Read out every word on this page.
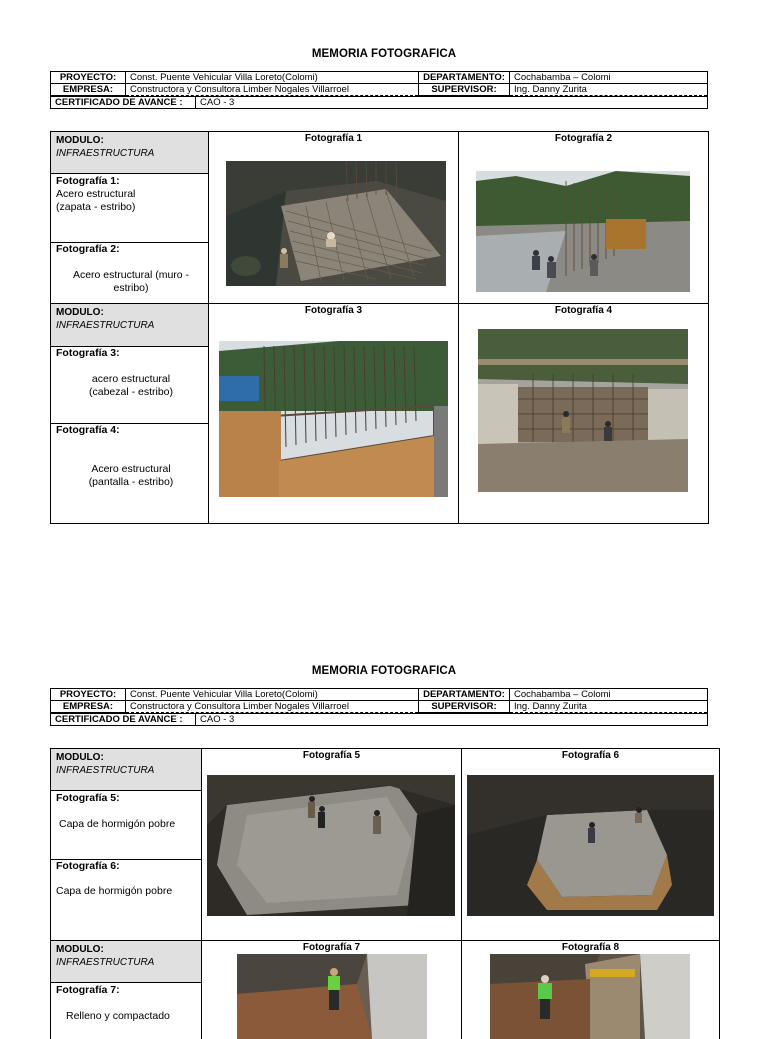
MEMORIA FOTOGRAFICA
PROYECTO:	Const. Puente Vehicular Villa Loreto(Colomi)	DEPARTAMENTO:	Cochabamba – Colomi
EMPRESA:	Constructora y Consultora Limber Nogales Villarroel	SUPERVISOR:	Ing. Danny Zurita
CERTIFICADO DE AVANCE :	CAO - 3
MODULO:
INFRAESTRUCTURA
Fotografía 1:
Acero estructural (zapata - estribo)
Fotografía 2:
Acero estructural (muro - estribo)
Fotografía 1	Fotografía 2
MODULO:
INFRAESTRUCTURA
Fotografía 3:
acero estructural (cabezal - estribo)
Fotografía 4:
Acero estructural (pantalla - estribo)
Fotografía 3	Fotografía 4
MEMORIA FOTOGRAFICA
PROYECTO:	Const. Puente Vehicular Villa Loreto(Colomi)	DEPARTAMENTO:	Cochabamba – Colomi
EMPRESA:	Constructora y Consultora Limber Nogales Villarroel	SUPERVISOR:	Ing. Danny Zurita
CERTIFICADO DE AVANCE :	CAO - 3
MODULO:
INFRAESTRUCTURA
Fotografía 5:
Capa de hormigón pobre
Fotografía 6:
Capa de hormigón pobre
Fotografía 5	Fotografía 6
MODULO:
INFRAESTRUCTURA
Fotografía 7:
Relleno y compactado
Fotografía 7	Fotografía 8
